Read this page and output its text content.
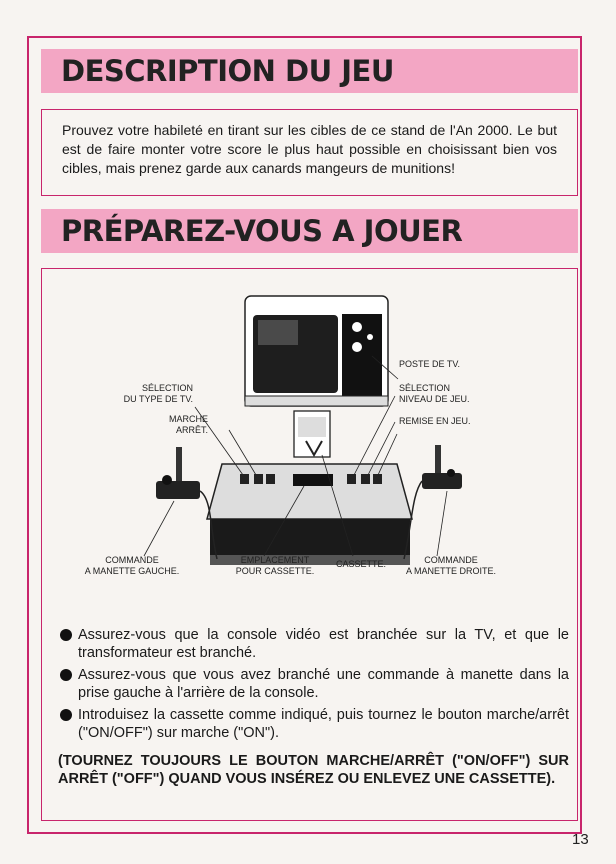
DESCRIPTION DU JEU
Prouvez votre habileté en tirant sur les cibles de ce stand de l'An 2000. Le but est de faire monter votre score le plus haut possible en choisissant bien vos cibles, mais prenez garde aux canards mangeurs de munitions!
PRÉPAREZ-VOUS A JOUER
POSTE DE TV.
SÉLECTION
DU TYPE DE TV.
SÉLECTION
NIVEAU DE JEU.
MARCHE
ARRÊT.
REMISE EN JEU.
COMMANDE
A MANETTE GAUCHE.
EMPLACEMENT
POUR CASSETTE.
CASSETTE.	COMMANDE
A MANETTE DROITE.
Assurez-vous que la console vidéo est branchée sur la TV, et que le transformateur est branché.
Assurez-vous que vous avez branché une commande à manette dans la prise gauche à l'arrière de la console.
Introduisez la cassette comme indiqué, puis tournez le bouton marche/arrêt ("ON/OFF") sur marche ("ON").
(TOURNEZ TOUJOURS LE BOUTON MARCHE/ARRÊT ("ON/OFF") SUR ARRÊT ("OFF") QUAND VOUS INSÉREZ OU ENLEVEZ UNE CASSETTE).
13
